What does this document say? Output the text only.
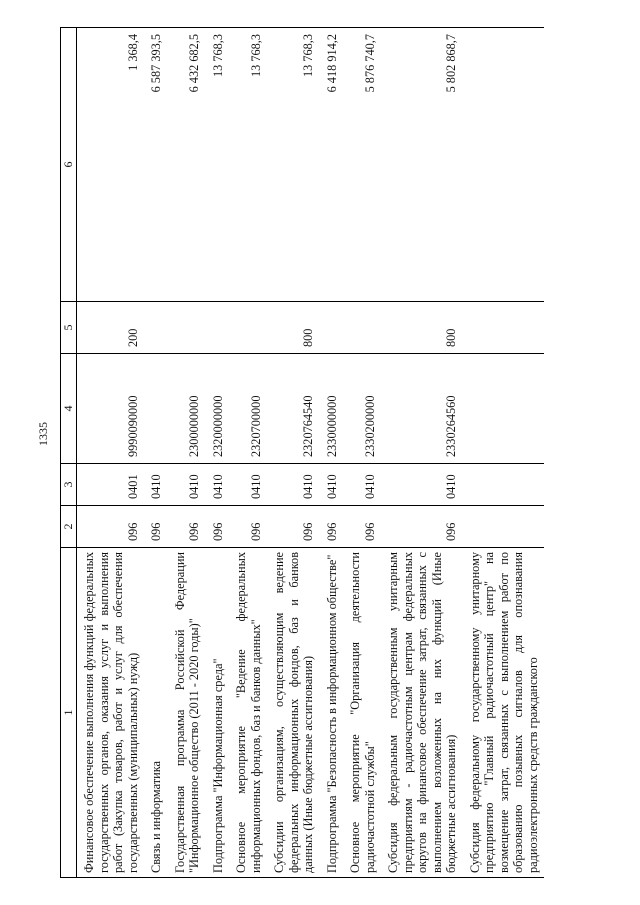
1335
1	2	3	4	5	6
Финансовое обеспечение выполнения функций федеральных государственных органов, оказания услуг и выполнения работ (Закупка товаров, работ и услуг для обеспечения государственных (муниципальных) нужд)	096	0401	9990090000	200	1 368,4
Связь и информатика	096	0410			6 587 393,5
Государственная программа Российской Федерации "Информационное общество (2011 - 2020 годы)"	096	0410	2300000000		6 432 682,5
Подпрограмма "Информационная среда"	096	0410	2320000000		13 768,3
Основное мероприятие "Ведение федеральных информационных фондов, баз и банков данных"	096	0410	2320700000		13 768,3
Субсидии организациям, осуществляющим ведение федеральных информационных фондов, баз и банков данных (Иные бюджетные ассигнования)	096	0410	2320764540	800	13 768,3
Подпрограмма "Безопасность в информационном обществе"	096	0410	2330000000		6 418 914,2
Основное мероприятие "Организация деятельности радиочастотной службы"	096	0410	2330200000		5 876 740,7
Субсидия федеральным государственным унитарным предприятиям - радиочастотным центрам федеральных округов на финансовое обеспечение затрат, связанных с выполнением возложенных на них функций (Иные бюджетные ассигнования)	096	0410	2330264560	800	5 802 868,7
Субсидия федеральному государственному унитарному предприятию "Главный радиочастотный центр" на возмещение затрат, связанных с выполнением работ по образованию позывных сигналов для опознавания радиоэлектронных средств гражданского					
